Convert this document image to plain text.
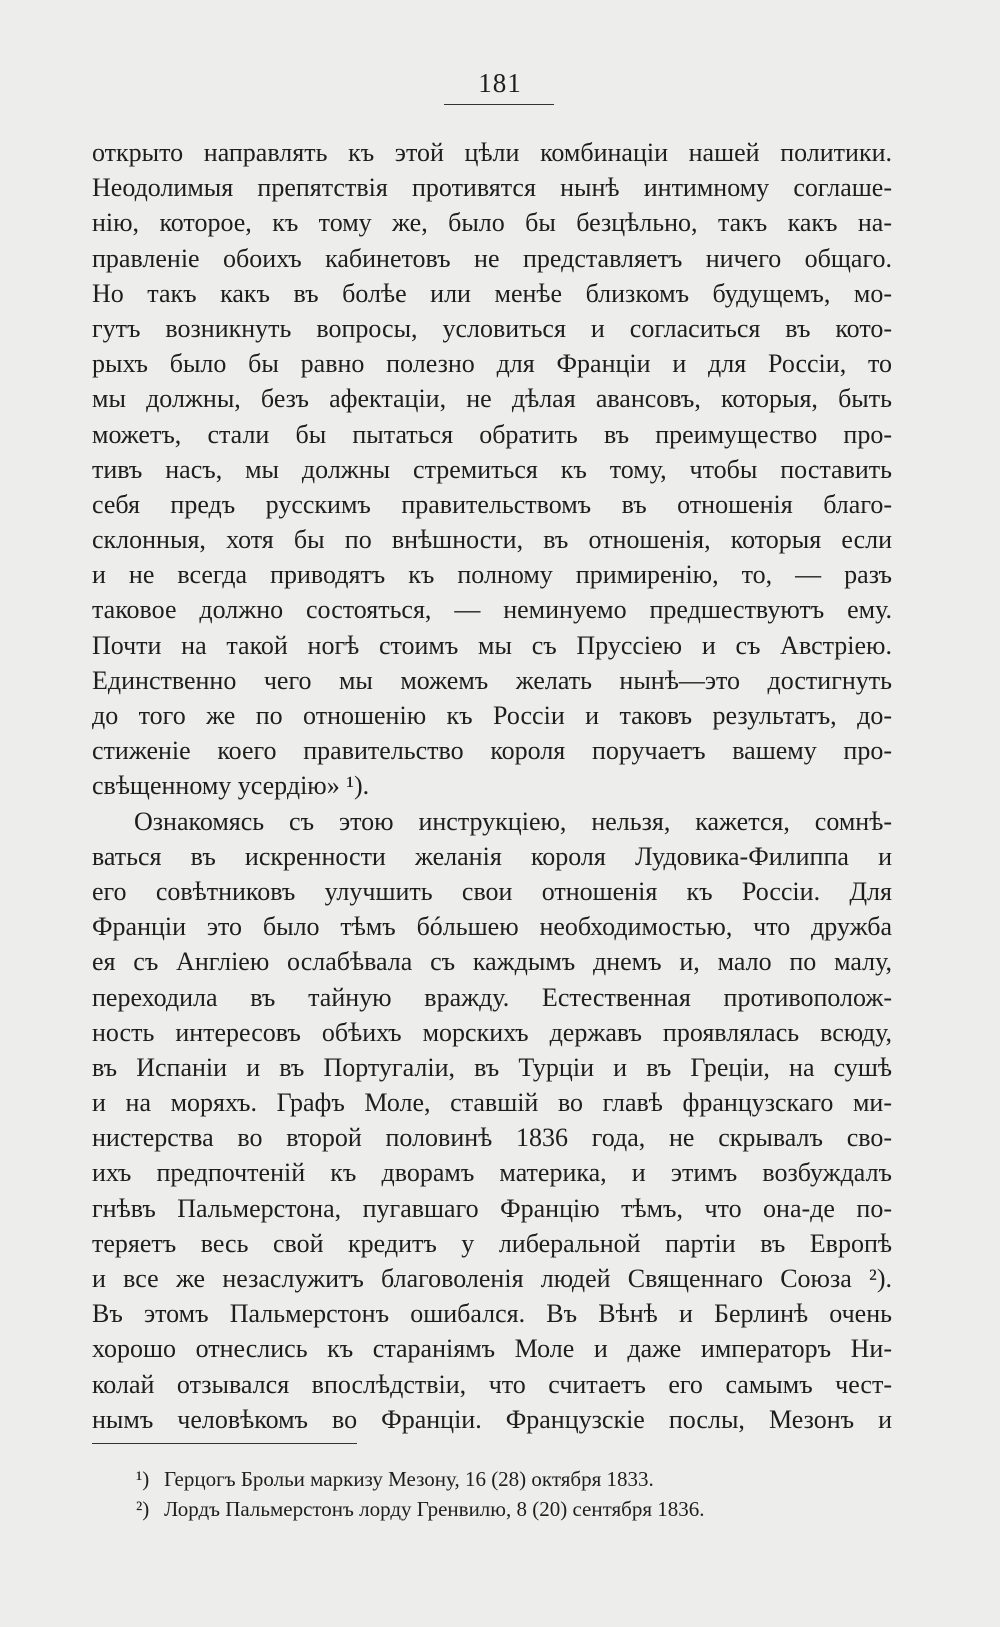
181
открыто направлять къ этой цѣли комбинаціи нашей политики.
Неодолимыя препятствія противятся нынѣ интимному соглаше-
нію, которое, къ тому же, было бы безцѣльно, такъ какъ на-
правленіе обоихъ кабинетовъ не представляетъ ничего общаго.
Но такъ какъ въ болѣе или менѣе близкомъ будущемъ, мо-
гутъ возникнуть вопросы, условиться и согласиться въ кото-
рыхъ было бы равно полезно для Франціи и для Россіи, то
мы должны, безъ афектаціи, не дѣлая авансовъ, которыя, быть
можетъ, стали бы пытаться обратить въ преимущество про-
тивъ насъ, мы должны стремиться къ тому, чтобы поставить
себя предъ русскимъ правительствомъ въ отношенія благо-
склонныя, хотя бы по внѣшности, въ отношенія, которыя если
и не всегда приводятъ къ полному примиренію, то, — разъ
таковое должно состояться, — неминуемо предшествуютъ ему.
Почти на такой ногѣ стоимъ мы съ Пруссіею и съ Австріею.
Единственно чего мы можемъ желать нынѣ—это достигнуть
до того же по отношенію къ Россіи и таковъ результатъ, до-
стиженіе коего правительство короля поручаетъ вашему про-
свѣщенному усердію» ¹).
Ознакомясь съ этою инструкціею, нельзя, кажется, сомнѣ-
ваться въ искренности желанія короля Лудовика-Филиппа и
его совѣтниковъ улучшить свои отношенія къ Россіи. Для
Франціи это было тѣмъ бóльшею необходимостью, что дружба
ея съ Англіею ослабѣвала съ каждымъ днемъ и, мало по малу,
переходила въ тайную вражду. Естественная противополож-
ность интересовъ обѣихъ морскихъ державъ проявлялась всюду,
въ Испаніи и въ Португаліи, въ Турціи и въ Греціи, на сушѣ
и на моряхъ. Графъ Моле, ставшій во главѣ французскаго ми-
нистерства во второй половинѣ 1836 года, не скрывалъ сво-
ихъ предпочтеній къ дворамъ материка, и этимъ возбуждалъ
гнѣвъ Пальмерстона, пугавшаго Францію тѣмъ, что она-де по-
теряетъ весь свой кредитъ у либеральной партіи въ Европѣ
и все же незаслужитъ благоволенія людей Священнаго Союза ²).
Въ этомъ Пальмерстонъ ошибался. Въ Вѣнѣ и Берлинѣ очень
хорошо отнеслись къ стараніямъ Моле и даже императоръ Ни-
колай отзывался впослѣдствіи, что считаетъ его самымъ чест-
нымъ человѣкомъ во Франціи. Французскіе послы, Мезонъ и
¹) Герцогъ Брольи маркизу Мезону, 16 (28) октября 1833.
²) Лордъ Пальмерстонъ лорду Гренвилю, 8 (20) сентября 1836.
